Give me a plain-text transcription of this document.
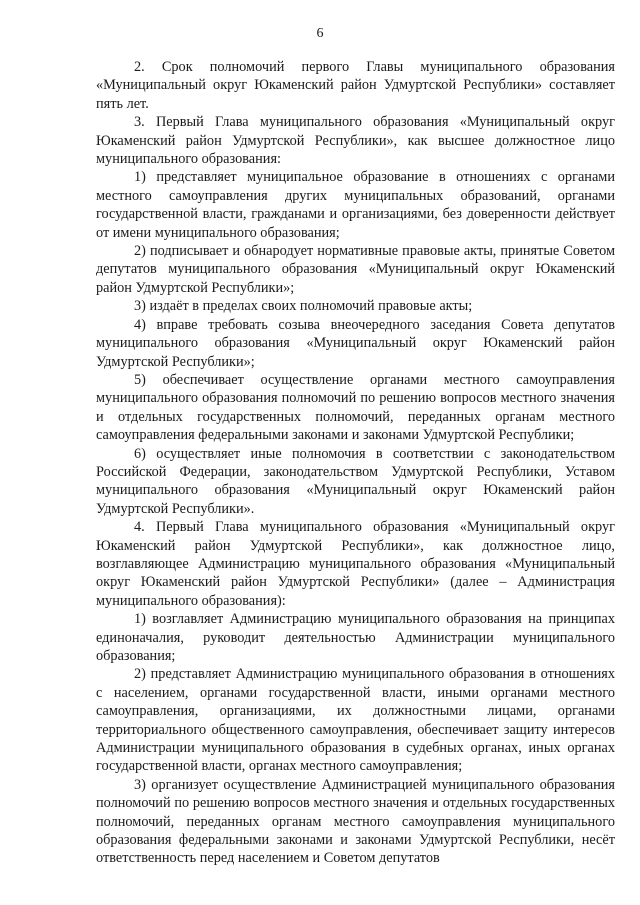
6

2. Срок полномочий первого Главы муниципального образования «Муниципальный округ Юкаменский район Удмуртской Республики» составляет пять лет.

3. Первый Глава муниципального образования «Муниципальный округ Юкаменский район Удмуртской Республики», как высшее должностное лицо муниципального образования:

1) представляет муниципальное образование в отношениях с органами местного самоуправления других муниципальных образований, органами государственной власти, гражданами и организациями, без доверенности действует от имени муниципального образования;

2) подписывает и обнародует нормативные правовые акты, принятые Советом депутатов муниципального образования «Муниципальный округ Юкаменский район Удмуртской Республики»;

3) издаёт в пределах своих полномочий правовые акты;

4) вправе требовать созыва внеочередного заседания Совета депутатов муниципального образования «Муниципальный округ Юкаменский район Удмуртской Республики»;

5) обеспечивает осуществление органами местного самоуправления муниципального образования полномочий по решению вопросов местного значения и отдельных государственных полномочий, переданных органам местного самоуправления федеральными законами и законами Удмуртской Республики;

6) осуществляет иные полномочия в соответствии с законодательством Российской Федерации, законодательством Удмуртской Республики, Уставом муниципального образования «Муниципальный округ Юкаменский район Удмуртской Республики».

4. Первый Глава муниципального образования «Муниципальный округ Юкаменский район Удмуртской Республики», как должностное лицо, возглавляющее Администрацию муниципального образования «Муниципальный округ Юкаменский район Удмуртской Республики» (далее – Администрация муниципального образования):

1) возглавляет Администрацию муниципального образования на принципах единоначалия, руководит деятельностью Администрации муниципального образования;

2) представляет Администрацию муниципального образования в отношениях с населением, органами государственной власти, иными органами местного самоуправления, организациями, их должностными лицами, органами территориального общественного самоуправления, обеспечивает защиту интересов Администрации муниципального образования в судебных органах, иных органах государственной власти, органах местного самоуправления;

3) организует осуществление Администрацией муниципального образования полномочий по решению вопросов местного значения и отдельных государственных полномочий, переданных органам местного самоуправления муниципального образования федеральными законами и законами Удмуртской Республики, несёт ответственность перед населением и Советом депутатов
